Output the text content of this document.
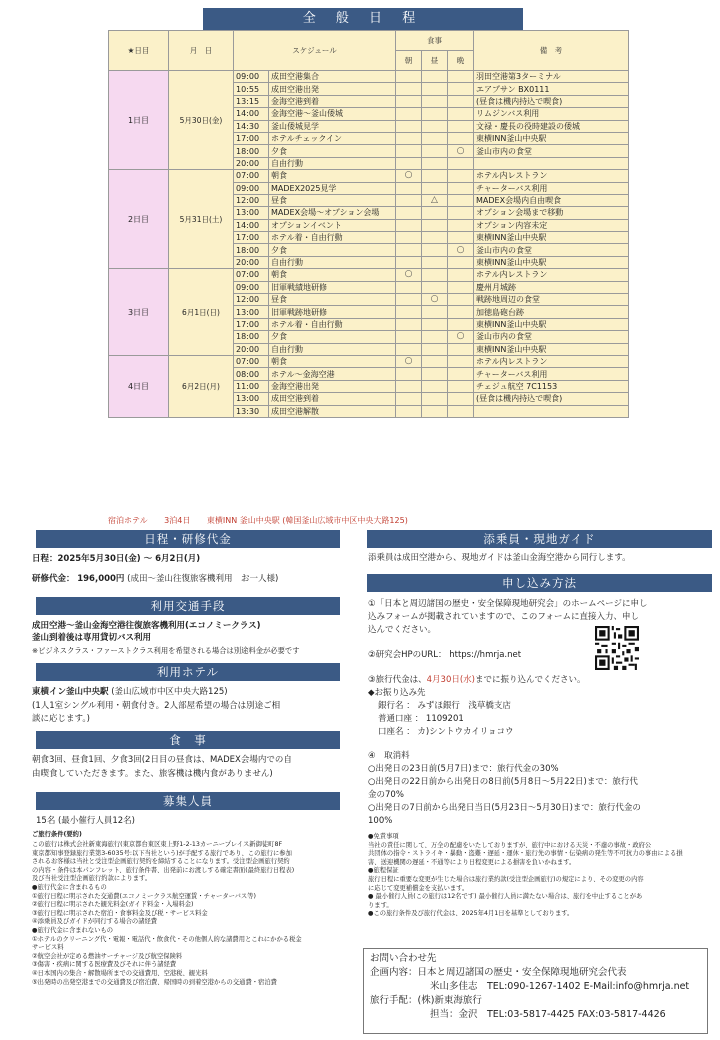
全 般 日 程
★日目	月　日	スケジュール		食事			備　考
				朝	昼	晩	
1日目	5月30日(金)	09:00	成田空港集合				羽田空港第3ターミナル
		10:55	成田空港出発				エアプサン BX0111
		13:15	金海空港到着				(昼食は機内持込で喫食)
		14:00	金海空港～釜山倭城				リムジンバス利用
		14:30	釜山倭城見学				文禄・慶長の役時建設の倭城
		17:00	ホテルチェックイン				東横INN釜山中央駅
		18:00	夕食			○	釜山市内の食堂
		20:00	自由行動				
2日目	5月31日(土)	07:00	朝食	○			ホテル内レストラン
		09:00	MADEX2025見学				チャーターバス利用
		12:00	昼食		△		MADEX会場内自由喫食
		13:00	MADEX会場～オプション会場				オプション会場まで移動
		14:00	オプションイベント				オプション内容未定
		17:00	ホテル着・自由行動				東横INN釜山中央駅
		18:00	夕食			○	釜山市内の食堂
		20:00	自由行動				東横INN釜山中央駅
3日目	6月1日(日)	07:00	朝食	○			ホテル内レストラン
		09:00	旧軍戦績地研修				慶州月城跡
		12:00	昼食		○		戦跡地周辺の食堂
		13:00	旧軍戦跡地研修				加徳島砲台跡
		17:00	ホテル着・自由行動				東横INN釜山中央駅
		18:00	夕食			○	釜山市内の食堂
		20:00	自由行動				東横INN釜山中央駅
4日目	6月2日(月)	07:00	朝食	○			ホテル内レストラン
		08:00	ホテル～金海空港				チャーターバス利用
		11:00	金海空港出発				チェジュ航空 7C1153
		13:00	成田空港到着				(昼食は機内持込で喫食)
		13:30	成田空港解散				
宿泊ホテル 3泊4日 東横INN 釜山中央駅 (韓国釜山広域市中区中央大路125)
日程・研修代金
日程：2025年5月30日(金) ～ 6月2日(月)
研修代金： 196,000円 (成田～釜山往復旅客機利用　お一人様)
利用交通手段
成田空港～釜山金海空港往復旅客機利用(エコノミークラス)
釜山到着後は専用貸切バス利用
※ビジネスクラス・ファーストクラス利用を希望される場合は別途料金が必要です
利用ホテル
東横イン釜山中央駅 (釜山広域市中区中央大路125)
(1人1室シングル利用・朝食付き。2人部屋希望の場合は別途ご相
談に応じます。)
食　事
朝食3回、昼食1回、夕食3回(2日目の昼食は、MADEX会場内での自
由喫食していただきます。また、旅客機は機内食がありません)
募集人員
15名 (最小催行人員12名)
ご旅行条件(要約)
この旅行は株式会社新東海旅行(東京都台東区東上野1-2-13カーニープレイス新御徒町8F
東京都知事登録旅行業第3-6035号:以下当社という)が手配する旅行であり、この旅行に参加
されるお客様は当社と受注型企画旅行契約を締結することになります。受注型企画旅行契約
の内容・条件は本パンフレット、旅行条件書、出発前にお渡しする確定書面(最終旅行日程表)
及び当社受注型企画旅行約款によります。
●旅行代金に含まれるもの
①旅行日程に明示された交通費(エコノミークラス航空運賃・チャーターバス等)
②旅行日程に明示された観光料金(ガイド料金・入場料金)
③旅行日程に明示された宿泊・食事料金及び税・サービス料金
④添乗員及びガイドが同行する場合の諸経費
●旅行代金に含まれないもの
①ホテルのクリーニング代・電報・電話代・飲食代・その他個人的な諸費用とこれにかかる税金
サービス料
②航空会社が定める燃油サーチャージ及び航空保険料
③傷害・疾病に関する医療費及びそれに伴う諸経費
④日本国内の集合・解散場所までの交通費用、空港税、観光料
⑤出発時の出発空港までの交通費及び宿泊費、帰国時の到着空港からの交通費・宿泊費
添乗員・現地ガイド
添乗員は成田空港から、現地ガイドは釜山金海空港から同行します。
申し込み方法
①「日本と周辺諸国の歴史・安全保障現地研究会」のホームページに申し
込みフォームが掲載されていますので、このフォームに直接入力、申し
込んでください。
②研究会HPのURL： https://hmrja.net
③旅行代金は、4月30日(水)までに振り込んでください。
◆お振り込み先
銀行名 ： みずほ銀行　浅草橋支店
普通口座 ： 1109201
口座名 ： カ)シントウカイリョコウ
④　取消料
○出発日の23日前(5月7日)まで：旅行代金の30%
○出発日の22日前から出発日の8日前(5月8日～5月22日)まで：旅行代
金の70%
○出発日の7日前から出発日当日(5月23日～5月30日)まで：旅行代金の
100%
●免責事項
当社の責任に関して、万全の配慮をいたしておりますが、旅行中における天災・不慮の事故・政府公
共団体の指令・ストライキ・暴動・盗難・遅延・運休・旅行先の事情・伝染病の発生等不可抗力の事由による損
害、送迎機関の遅延・不通等により日程変更による損害を負いかねます。
●旅程保証
旅行日程に重要な変更が生じた場合は旅行業約款(受注型企画旅行)の規定により、その変更の内容
に応じて変更補償金を支払います。
● 最小催行人員(この旅行は12名です) 最小催行人員に満たない場合は、旅行を中止することがあ
ります。
●この旅行条件及び旅行代金は、2025年4月1日を基準としております。
お問い合わせ先
企画内容：日本と周辺諸国の歴史・安全保障現地研究会代表
米山多佳志　TEL:090-1267-1402 E-Mail:info@hmrja.net
旅行手配：(株)新東海旅行
担当：金沢　TEL:03-5817-4425 FAX:03-5817-4426
